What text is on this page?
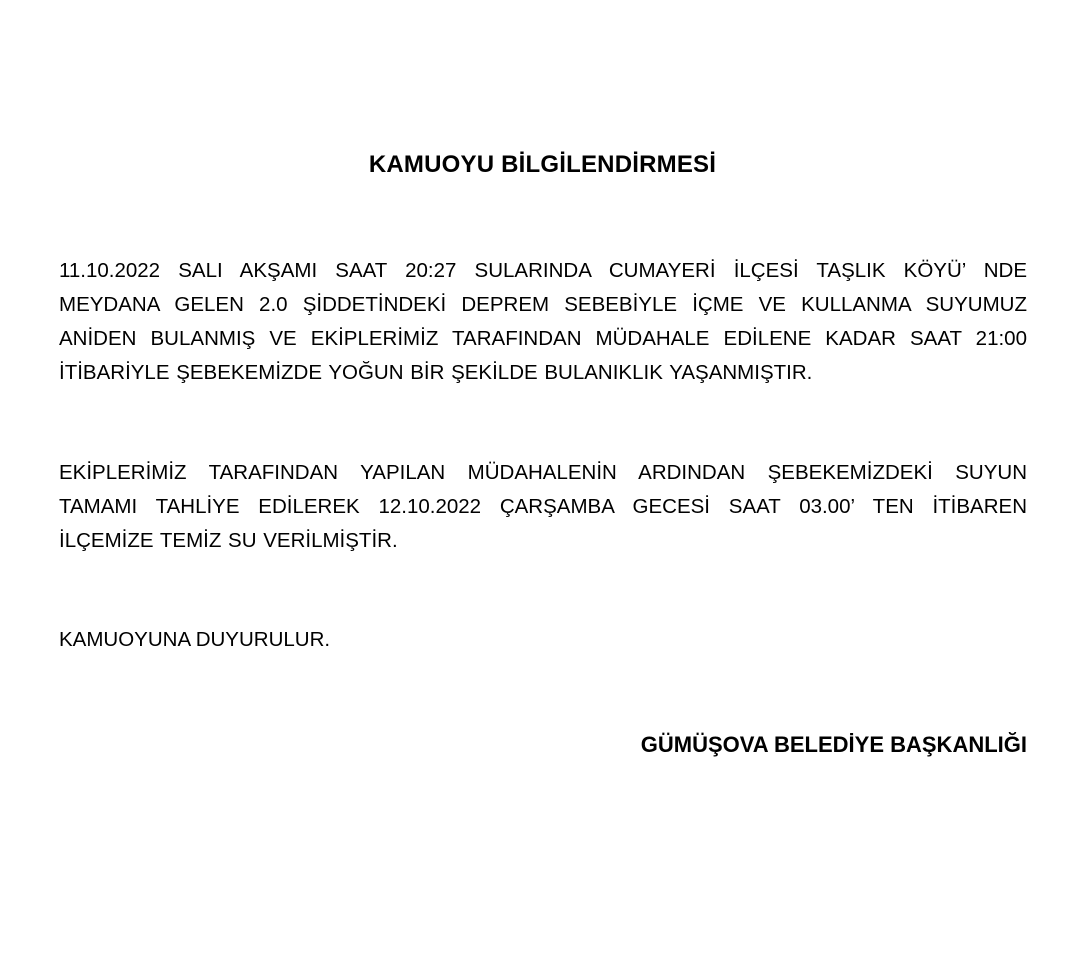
KAMUOYU BİLGİLENDİRMESİ
11.10.2022 SALI AKŞAMI SAAT 20:27 SULARINDA CUMAYERİ İLÇESİ TAŞLIK KÖYÜ’ NDE
MEYDANA GELEN 2.0 ŞİDDETİNDEKİ DEPREM SEBEBİYLE İÇME VE KULLANMA SUYUMUZ
ANİDEN BULANMIŞ VE EKİPLERİMİZ TARAFINDAN MÜDAHALE EDİLENE KADAR SAAT 21:00
İTİBARİYLE ŞEBEKEMİZDE YOĞUN BİR ŞEKİLDE BULANIKLIK YAŞANMIŞTIR.
EKİPLERİMİZ TARAFINDAN YAPILAN MÜDAHALENİN ARDINDAN ŞEBEKEMİZDEKİ SUYUN
TAMAMI TAHLİYE EDİLEREK 12.10.2022 ÇARŞAMBA GECESİ SAAT 03.00’ TEN İTİBAREN
İLÇEMİZE TEMİZ SU VERİLMİŞTİR.
KAMUOYUNA DUYURULUR.
GÜMÜŞOVA BELEDİYE BAŞKANLIĞI
